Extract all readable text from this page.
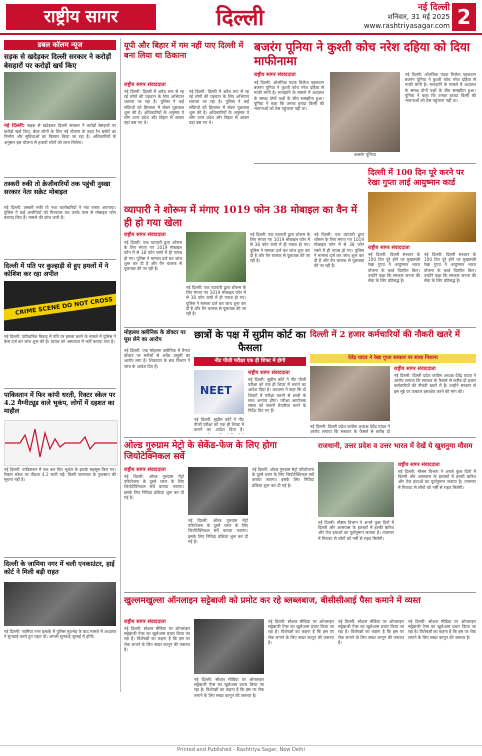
राष्ट्रीय सागर	दिल्ली	नई दिल्ली
शनिवार, 31 मई 2025
www.rashtriyasagar.com 2
डबल कॉलम न्यूज
सड़क से खदेड़कर दिल्ली सरकार ने करोड़ों बेसहारों पर करोड़ों खर्च किए
नई दिल्ली: सड़क से खदेड़कर दिल्ली सरकार ने करोड़ों बेसहारों पर करोड़ों खर्च किए, बेघर लोगों के लिए नई योजना के तहत रैन बसेरों का निर्माण और सुविधाओं का विस्तार किया जा रहा है। अधिकारियों के अनुसार इस योजना से हजारों लोगों को लाभ मिलेगा।
तस्करी रुकी तो क्रेजीवारियों तक पहुंची नुस्खा सरकार नेता सक्रेट मोबाइल
नई दिल्ली: तस्करी रुकी तो नशा कारोबारियों ने नया रास्ता अपनाया। पुलिस ने कई आरोपियों को गिरफ्तार कर उनके पास से मोबाइल फोन बरामद किए हैं। मामले की जांच जारी है।
दिल्ली में पति पर कुल्हाड़ी से हुए हमलों में ने कोशिश कर रहा अपील
CRIME SCENE DO NOT CROSS
नई दिल्ली: पारिवारिक विवाद में पति पर हमला करने के मामले में पुलिस ने केस दर्ज कर जांच शुरू की है। घायल को अस्पताल में भर्ती कराया गया है।
पाकिस्तान में फिर कांपी धरती, रिक्टर स्केल पर 4.2 मैग्नीट्यूड वाले भूकंप, लोगों में दहशत का माहौल
नई दिल्ली: पाकिस्तान में एक बार फिर भूकंप के झटके महसूस किए गए। रिक्टर स्केल पर तीव्रता 4.2 मापी गई। किसी जानमाल के नुकसान की सूचना नहीं है।
दिल्ली के जामिया नगर में चली एनकाउंटर, हाई कोर्ट ने मिली बड़ी राहत
नई दिल्ली: जामिया नगर इलाके में पुलिस मुठभेड़ के बाद मामले में अदालत ने सुनवाई करते हुए राहत दी। अगली सुनवाई जुलाई में होगी।
यूपी और बिहार में गम नहीं पाए दिल्ली में बना लिया था ठिकाना
राष्ट्रीय सागर संवाददाता
नई दिल्ली: दिल्ली में अवैध रूप से रह रहे लोगों की पहचान के लिए अभियान चलाया जा रहा है। पुलिस ने कई संदिग्धों को हिरासत में लेकर पूछताछ शुरू की है। अधिकारियों के अनुसार ये लोग उत्तर प्रदेश और बिहार से आकर यहां बस गए थे।
नई दिल्ली: दिल्ली में अवैध रूप से रह रहे लोगों की पहचान के लिए अभियान चलाया जा रहा है। पुलिस ने कई संदिग्धों को हिरासत में लेकर पूछताछ शुरू की है। अधिकारियों के अनुसार ये लोग उत्तर प्रदेश और बिहार से आकर यहां बस गए थे।
बजरंग पूनिया ने कुश्ती कोच नरेश दहिया को दिया माफीनामा
राष्ट्रीय सागर संवाददाता
नई दिल्ली: ओलंपिक पदक विजेता पहलवान बजरंग पूनिया ने कुश्ती कोच नरेश दहिया से माफी मांगी है। मानहानि के मामले में अदालत के समक्ष दोनों पक्षों के बीच समझौता हुआ। पूनिया ने कहा कि उनका इरादा किसी की भावनाओं को ठेस पहुंचाना नहीं था।
बजरंग पूनिया
नई दिल्ली: ओलंपिक पदक विजेता पहलवान बजरंग पूनिया ने कुश्ती कोच नरेश दहिया से माफी मांगी है। मानहानि के मामले में अदालत के समक्ष दोनों पक्षों के बीच समझौता हुआ। पूनिया ने कहा कि उनका इरादा किसी की भावनाओं को ठेस पहुंचाना नहीं था।
व्यापारी ने शोरूम में मंगाए 1019 फोन 38 मोबाइल का वैन में ही हो गया खेला
राष्ट्रीय सागर संवाददाता
नई दिल्ली: एक व्यापारी द्वारा शोरूम के लिए मंगाए गए 1019 मोबाइल फोन में से 38 फोन रास्ते में ही गायब हो गए। पुलिस ने मामला दर्ज कर जांच शुरू कर दी है और वैन चालक से पूछताछ की जा रही है।
नई दिल्ली: एक व्यापारी द्वारा शोरूम के लिए मंगाए गए 1019 मोबाइल फोन में से 38 फोन रास्ते में ही गायब हो गए। पुलिस ने मामला दर्ज कर जांच शुरू कर दी है और वैन चालक से पूछताछ की जा रही है।
नई दिल्ली: एक व्यापारी द्वारा शोरूम के लिए मंगाए गए 1019 मोबाइल फोन में से 38 फोन रास्ते में ही गायब हो गए। पुलिस ने मामला दर्ज कर जांच शुरू कर दी है और वैन चालक से पूछताछ की जा रही है।
नई दिल्ली: एक व्यापारी द्वारा शोरूम के लिए मंगाए गए 1019 मोबाइल फोन में से 38 फोन रास्ते में ही गायब हो गए। पुलिस ने मामला दर्ज कर जांच शुरू कर दी है और वैन चालक से पूछताछ की जा रही है।
दिल्ली में 100 दिन पूरे करने पर रेखा गुप्ता लाई आयुष्मान कार्ड
राष्ट्रीय सागर संवाददाता
नई दिल्ली: दिल्ली सरकार के 100 दिन पूरे होने पर मुख्यमंत्री रेखा गुप्ता ने आयुष्मान भारत योजना के कार्ड वितरित किए। उन्होंने कहा कि सरकार जनता की सेवा के लिए प्रतिबद्ध है।
नई दिल्ली: दिल्ली सरकार के 100 दिन पूरे होने पर मुख्यमंत्री रेखा गुप्ता ने आयुष्मान भारत योजना के कार्ड वितरित किए। उन्होंने कहा कि सरकार जनता की सेवा के लिए प्रतिबद्ध है।
मोहल्ला क्लीनिक के डॉक्टर पर घूस लेने का आरोप
नई दिल्ली: एक मोहल्ला क्लीनिक में तैनात डॉक्टर पर मरीजों से अवैध वसूली का आरोप लगा है। शिकायत के बाद विभाग ने जांच के आदेश दिए हैं।
छात्रों के पक्ष में सुप्रीम कोर्ट का फैसला
नीट पीजी परीक्षा एक ही शिफ्ट में होगी
NEET
राष्ट्रीय सागर संवाददाता
नई दिल्ली: सुप्रीम कोर्ट ने नीट पीजी परीक्षा को एक ही शिफ्ट में कराने का आदेश दिया है। अदालत ने कहा कि दो शिफ्टों में परीक्षा कराने से छात्रों के साथ अन्याय होगा। परीक्षा आयोजक संस्था को जरूरी तैयारियां करने के निर्देश दिए गए हैं।
नई दिल्ली: सुप्रीम कोर्ट ने नीट पीजी परीक्षा को एक ही शिफ्ट में कराने का आदेश दिया है।
दिल्ली में 2 हजार कर्मचारियों की नौकरी खतरे में
देवेंद्र यादव ने रेखा गुप्ता सरकार पर साधा निशाना
राष्ट्रीय सागर संवाददाता
नई दिल्ली: दिल्ली प्रदेश कांग्रेस अध्यक्ष देवेंद्र यादव ने आरोप लगाया कि सरकार के फैसले से करीब दो हजार कर्मचारियों की नौकरी खतरे में है। उन्होंने सरकार से इस मुद्दे पर तत्काल हस्तक्षेप करने की मांग की।
नई दिल्ली: दिल्ली प्रदेश कांग्रेस अध्यक्ष देवेंद्र यादव ने आरोप लगाया कि सरकार के फैसले से करीब दो
ओल्ड गुरुग्राम मेट्रो के सेकेंड-फेज के लिए होगा जियोटेक्निकल सर्वे
राष्ट्रीय सागर संवाददाता
नई दिल्ली: ओल्ड गुरुग्राम मेट्रो परियोजना के दूसरे चरण के लिए जियोटेक्निकल सर्वे कराया जाएगा। इसके लिए निविदा प्रक्रिया शुरू कर दी गई है।
नई दिल्ली: ओल्ड गुरुग्राम मेट्रो परियोजना के दूसरे चरण के लिए जियोटेक्निकल सर्वे कराया जाएगा। इसके लिए निविदा प्रक्रिया शुरू कर दी गई है।
नई दिल्ली: ओल्ड गुरुग्राम मेट्रो परियोजना के दूसरे चरण के लिए जियोटेक्निकल सर्वे कराया जाएगा। इसके लिए निविदा प्रक्रिया शुरू कर दी गई है।
राजधानी, उत्तर प्रदेश व उत्तर भारत में देखें ये खुशनुमा मौसम
राष्ट्रीय सागर संवाददाता
नई दिल्ली: मौसम विभाग ने अगले कुछ दिनों में दिल्ली और आसपास के इलाकों में हल्की बारिश और तेज हवाओं का पूर्वानुमान जताया है। तापमान में गिरावट से लोगों को गर्मी से राहत मिलेगी।
नई दिल्ली: मौसम विभाग ने अगले कुछ दिनों में दिल्ली और आसपास के इलाकों में हल्की बारिश और तेज हवाओं का पूर्वानुमान जताया है। तापमान में गिरावट से लोगों को गर्मी से राहत मिलेगी।
खुल्लमखुल्ला ऑनलाइन सट्टेबाजी को प्रमोट कर रहे ब्लब्लबाज, बीसीसीआई पैसा कमाने में व्यस्त
राष्ट्रीय सागर संवाददाता
नई दिल्ली: सोशल मीडिया पर ऑनलाइन सट्टेबाजी ऐप्स का खुलेआम प्रचार किया जा रहा है। विशेषज्ञों का कहना है कि इस पर रोक लगाने के लिए सख्त कानून की जरूरत है।
नई दिल्ली: सोशल मीडिया पर ऑनलाइन सट्टेबाजी ऐप्स का खुलेआम प्रचार किया जा रहा है। विशेषज्ञों का कहना है कि इस पर रोक लगाने के लिए सख्त कानून की जरूरत है।
नई दिल्ली: सोशल मीडिया पर ऑनलाइन सट्टेबाजी ऐप्स का खुलेआम प्रचार किया जा रहा है। विशेषज्ञों का कहना है कि इस पर रोक लगाने के लिए सख्त कानून की जरूरत है।
नई दिल्ली: सोशल मीडिया पर ऑनलाइन सट्टेबाजी ऐप्स का खुलेआम प्रचार किया जा रहा है। विशेषज्ञों का कहना है कि इस पर रोक लगाने के लिए सख्त कानून की जरूरत है।
नई दिल्ली: सोशल मीडिया पर ऑनलाइन सट्टेबाजी ऐप्स का खुलेआम प्रचार किया जा रहा है। विशेषज्ञों का कहना है कि इस पर रोक लगाने के लिए सख्त कानून की जरूरत है।
Printed and Published - Rashtriya Sagar, New Delhi
